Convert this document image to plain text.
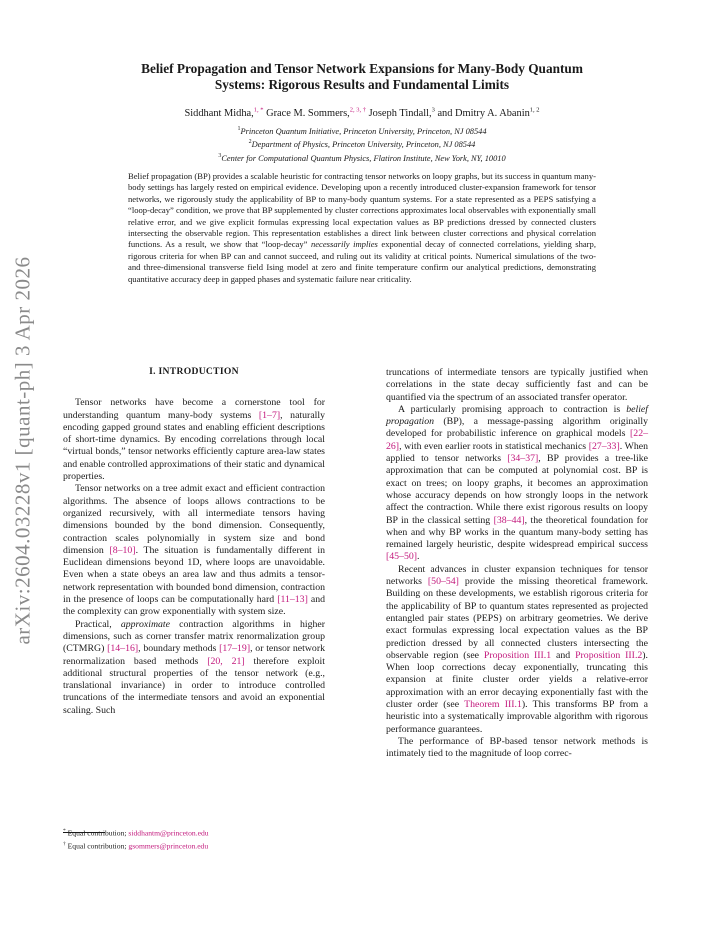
arXiv:2604.03228v1 [quant-ph] 3 Apr 2026
Belief Propagation and Tensor Network Expansions for Many-Body Quantum
Systems: Rigorous Results and Fundamental Limits
Siddhant Midha,$^{1, *}$ Grace M. Sommers,$^{2, 3, \dagger}$ Joseph Tindall,$^3$ and Dmitry A. Abanin$^{1, 2}$
$^1$Princeton Quantum Initiative, Princeton University, Princeton, NJ 08544
$^2$Department of Physics, Princeton University, Princeton, NJ 08544
$^3$Center for Computational Quantum Physics, Flatiron Institute, New York, NY, 10010
Belief propagation (BP) provides a scalable heuristic for contracting tensor networks on loopy graphs, but its success in quantum many-body settings has largely rested on empirical evidence. Developing upon a recently introduced cluster-expansion framework for tensor networks, we rigorously study the applicability of BP to many-body quantum systems. For a state represented as a PEPS satisfying a “loop-decay” condition, we prove that BP supplemented by cluster corrections approximates local observables with exponentially small relative error, and we give explicit formulas expressing local expectation values as BP predictions dressed by connected clusters intersecting the observable region. This representation establishes a direct link between cluster corrections and physical correlation functions. As a result, we show that “loop-decay” necessarily implies exponential decay of connected correlations, yielding sharp, rigorous criteria for when BP can and cannot succeed, and ruling out its validity at critical points. Numerical simulations of the two- and three-dimensional transverse field Ising model at zero and finite temperature confirm our analytical predictions, demonstrating quantitative accuracy deep in gapped phases and systematic failure near criticality.
I. INTRODUCTION

Tensor networks have become a cornerstone tool for understanding quantum many-body systems [1–7], naturally encoding gapped ground states and enabling efficient descriptions of short-time dynamics. By encoding correlations through local “virtual bonds,” tensor networks efficiently capture area-law states and enable controlled approximations of their static and dynamical properties.

Tensor networks on a tree admit exact and efficient contraction algorithms. The absence of loops allows contractions to be organized recursively, with all intermediate tensors having dimensions bounded by the bond dimension. Consequently, contraction scales polynomially in system size and bond dimension [8–10]. The situation is fundamentally different in Euclidean dimensions beyond 1D, where loops are unavoidable. Even when a state obeys an area law and thus admits a tensor-network representation with bounded bond dimension, contraction in the presence of loops can be computationally hard [11–13] and the complexity can grow exponentially with system size.

Practical, approximate contraction algorithms in higher dimensions, such as corner transfer matrix renormalization group (CTMRG) [14–16], boundary methods [17–19], or tensor network renormalization based methods [20, 21] therefore exploit additional structural properties of the tensor network (e.g., translational invariance) in order to introduce controlled truncations of the intermediate tensors and avoid an exponential scaling. Such

truncations of intermediate tensors are typically justified when correlations in the state decay sufficiently fast and can be quantified via the spectrum of an associated transfer operator.

A particularly promising approach to contraction is belief propagation (BP), a message-passing algorithm originally developed for probabilistic inference on graphical models [22–26], with even earlier roots in statistical mechanics [27–33]. When applied to tensor networks [34–37], BP provides a tree-like approximation that can be computed at polynomial cost. BP is exact on trees; on loopy graphs, it becomes an approximation whose accuracy depends on how strongly loops in the network affect the contraction. While there exist rigorous results on loopy BP in the classical setting [38–44], the theoretical foundation for when and why BP works in the quantum many-body setting has remained largely heuristic, despite widespread empirical success [45–50].

Recent advances in cluster expansion techniques for tensor networks [50–54] provide the missing theoretical framework. Building on these developments, we establish rigorous criteria for the applicability of BP to quantum states represented as projected entangled pair states (PEPS) on arbitrary geometries. We derive exact formulas expressing local expectation values as the BP prediction dressed by all connected clusters intersecting the observable region (see Proposition III.1 and Proposition III.2). When loop corrections decay exponentially, truncating this expansion at finite cluster order yields a relative-error approximation with an error decaying exponentially fast with the cluster order (see Theorem III.1). This transforms BP from a heuristic into a systematically improvable algorithm with rigorous performance guarantees.

The performance of BP-based tensor network methods is intimately tied to the magnitude of loop correc-

* Equal contribution; siddhantm@princeton.edu
† Equal contribution; gsommers@princeton.edu
